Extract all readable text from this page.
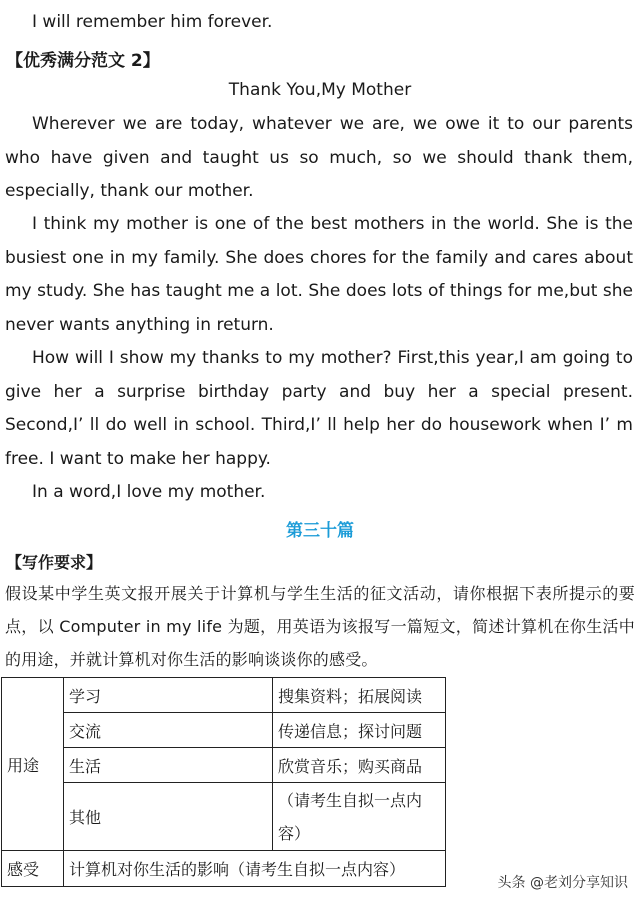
I will remember him forever.
【优秀满分范文 2】
Thank You,My Mother
Wherever we are today, whatever we are, we owe it to our parents who have given and taught us so much, so we should thank them, especially, thank our mother.
I think my mother is one of the best mothers in the world. She is the busiest one in my family. She does chores for the family and cares about my study. She has taught me a lot. She does lots of things for me,but she never wants anything in return.
How will I show my thanks to my mother? First,this year,I am going to give her a surprise birthday party and buy her a special present. Second,I’ ll do well in school. Third,I’ ll help her do housework when I’ m free. I want to make her happy.
In a word,I love my mother.
第三十篇
【写作要求】
假设某中学生英文报开展关于计算机与学生生活的征文活动，请你根据下表所提示的要点，以 Computer in my life 为题，用英语为该报写一篇短文，简述计算机在你生活中的用途，并就计算机对你生活的影响谈谈你的感受。
用途	学习	搜集资料；拓展阅读
	交流	传递信息；探讨问题
	生活	欣赏音乐；购买商品
	其他	（请考生自拟一点内容）
感受	计算机对你生活的影响（请考生自拟一点内容）	
头条 @老刘分享知识
